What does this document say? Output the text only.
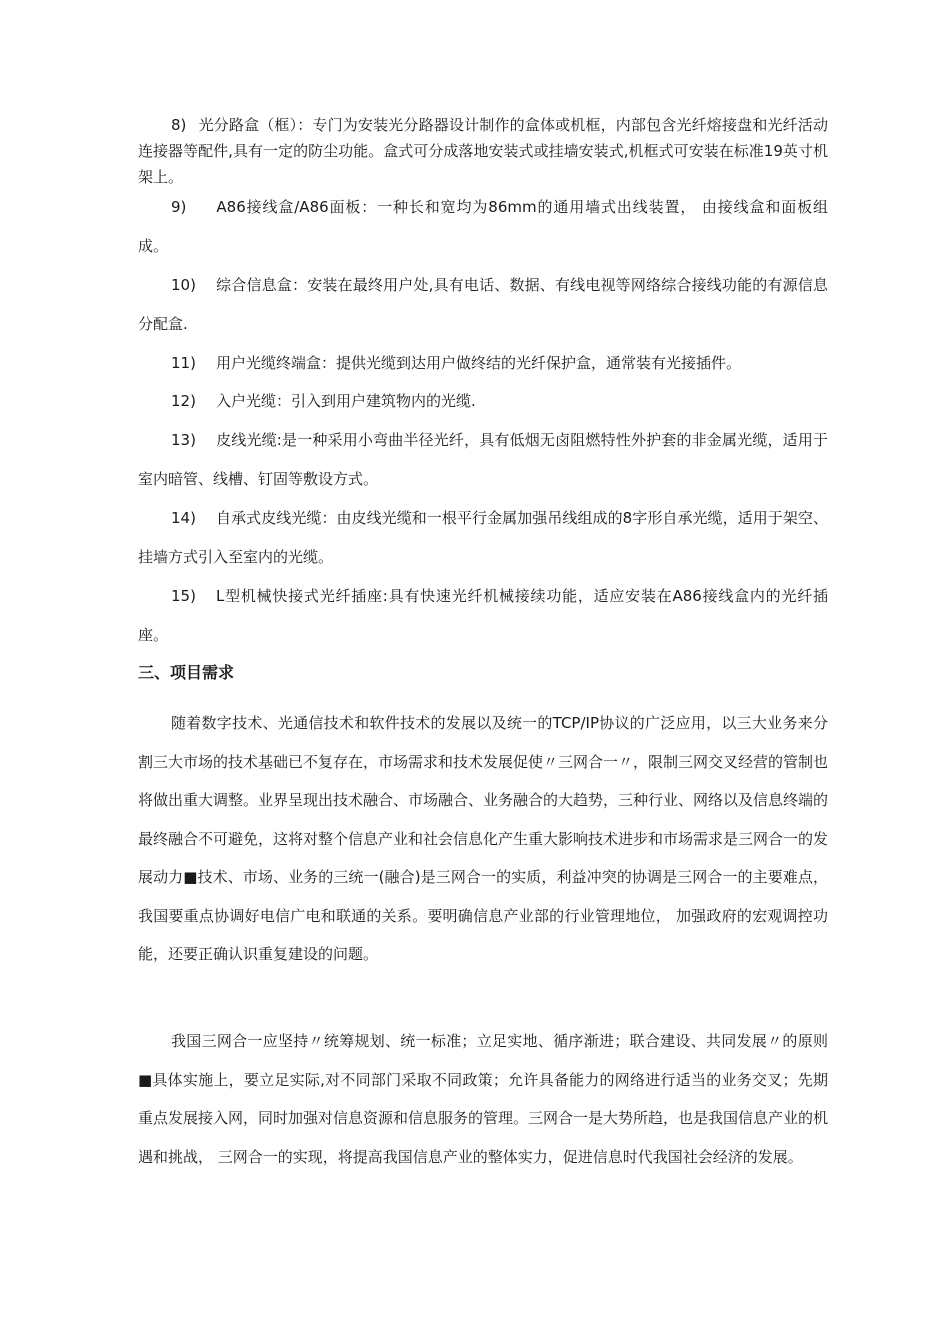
8) 光分路盒（框）：专门为安装光分路器设计制作的盒体或机框，内部包含光纤熔接盘和光纤活动连接器等配件,具有一定的防尘功能。盒式可分成落地安装式或挂墙安装式,机框式可安装在标准19英寸机架上。

9) A86接线盒/A86面板：一种长和宽均为86mm的通用墙式出线装置， 由接线盒和面板组成。

10) 综合信息盒：安装在最终用户处,具有电话、数据、有线电视等网络综合接线功能的有源信息分配盒.

11) 用户光缆终端盒：提供光缆到达用户做终结的光纤保护盒，通常装有光接插件。

12) 入户光缆：引入到用户建筑物内的光缆.

13) 皮线光缆:是一种采用小弯曲半径光纤，具有低烟无卤阻燃特性外护套的非金属光缆，适用于室内暗管、线槽、钉固等敷设方式。

14) 自承式皮线光缆：由皮线光缆和一根平行金属加强吊线组成的8字形自承光缆，适用于架空、挂墙方式引入至室内的光缆。

15) L型机械快接式光纤插座:具有快速光纤机械接续功能，适应安装在A86接线盒内的光纤插座。

三、项目需求

随着数字技术、光通信技术和软件技术的发展以及统一的TCP/IP协议的广泛应用，以三大业务来分割三大市场的技术基础已不复存在，市场需求和技术发展促使〃三网合一〃，限制三网交叉经营的管制也将做出重大调整。业界呈现出技术融合、市场融合、业务融合的大趋势，三种行业、网络以及信息终端的最终融合不可避免，这将对整个信息产业和社会信息化产生重大影响技术进步和市场需求是三网合一的发展动力■技术、市场、业务的三统一(融合)是三网合一的实质，利益冲突的协调是三网合一的主要难点，我国要重点协调好电信广电和联通的关系。要明确信息产业部的行业管理地位， 加强政府的宏观调控功能，还要正确认识重复建设的问题。

我国三网合一应坚持〃统筹规划、统一标准；立足实地、循序渐进；联合建设、共同发展〃的原则■具体实施上，要立足实际,对不同部门采取不同政策；允许具备能力的网络进行适当的业务交叉；先期重点发展接入网，同时加强对信息资源和信息服务的管理。三网合一是大势所趋，也是我国信息产业的机遇和挑战， 三网合一的实现，将提高我国信息产业的整体实力，促进信息时代我国社会经济的发展。
